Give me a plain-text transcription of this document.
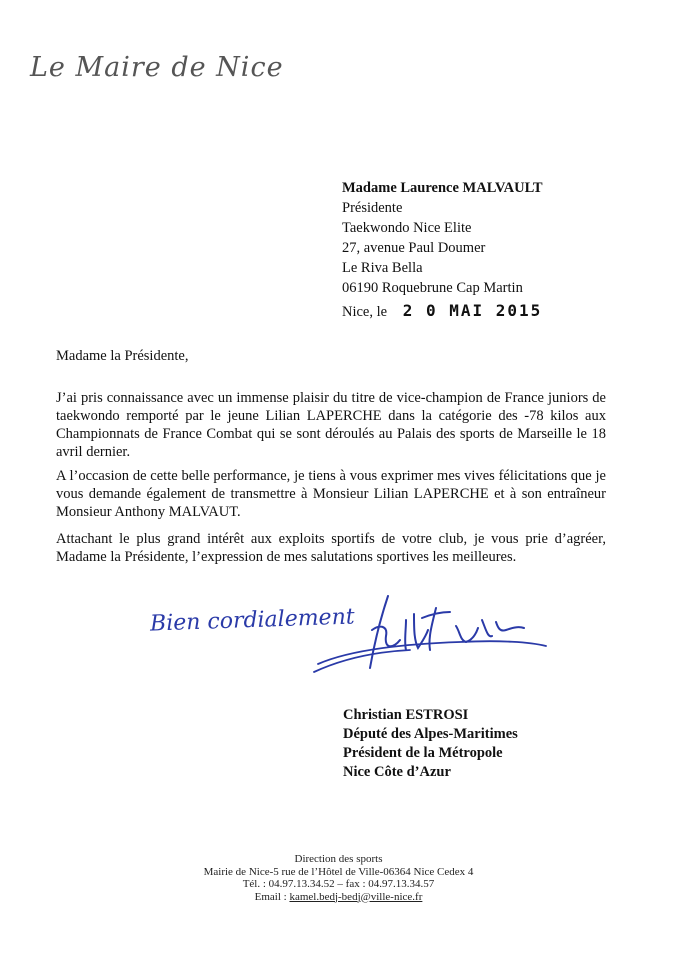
Le Maire de Nice
Madame Laurence MALVAULT
Présidente
Taekwondo Nice Elite
27, avenue Paul Doumer
Le Riva Bella
06190 Roquebrune Cap Martin
Nice, le 2 0 MAI 2015

Madame la Présidente,

J’ai pris connaissance avec un immense plaisir du titre de vice-champion de France juniors de taekwondo remporté par le jeune Lilian LAPERCHE dans la catégorie des -78 kilos aux Championnats de France Combat qui se sont déroulés au Palais des sports de Marseille le 18 avril dernier.

A l’occasion de cette belle performance, je tiens à vous exprimer mes vives félicitations que je vous demande également de transmettre à Monsieur Lilian LAPERCHE et à son entraîneur Monsieur Anthony MALVAUT.

Attachant le plus grand intérêt aux exploits sportifs de votre club, je vous prie d’agréer, Madame la Présidente, l’expression de mes salutations sportives les meilleures.

Bien cordialement
Christian ESTROSI
Député des Alpes-Maritimes
Président de la Métropole
Nice Côte d’Azur
Direction des sports
Mairie de Nice-5 rue de l’Hôtel de Ville-06364 Nice Cedex 4
Tél. : 04.97.13.34.52 – fax : 04.97.13.34.57
Email : kamel.bedj-bedj@ville-nice.fr
